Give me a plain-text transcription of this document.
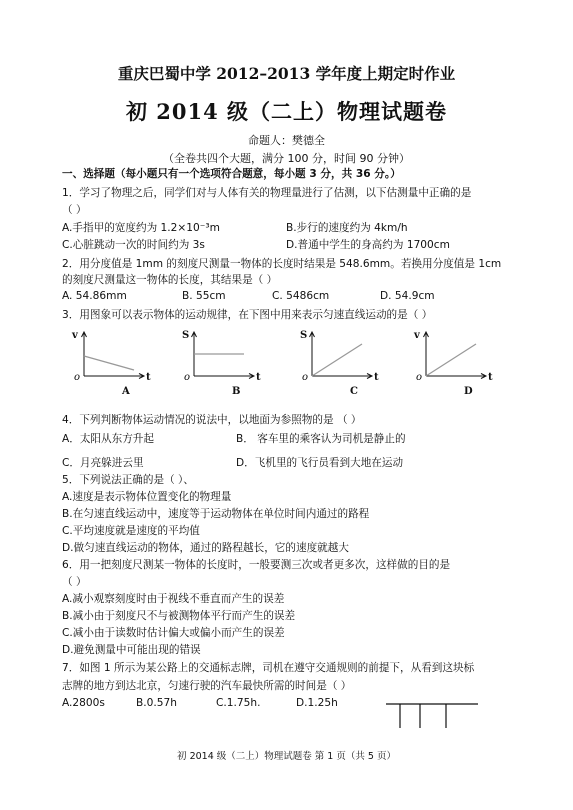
重庆巴蜀中学 2012–2013 学年度上期定时作业
初 2014 级（二上）物理试题卷
命题人：樊德全
（全卷共四个大题，满分 100 分，时间 90 分钟）
一、选择题（每小题只有一个选项符合题意，每小题 3 分，共 36 分。）
1．学习了物理之后，同学们对与人体有关的物理量进行了估测，以下估测量中正确的是
（ ）
A.手指甲的宽度约为 1.2×10⁻³m	B.步行的速度约为 4km/h
C.心脏跳动一次的时间约为 3s	D.普通中学生的身高约为 1700cm
2．用分度值是 1mm 的刻度尺测量一物体的长度时结果是 548.6mm。若换用分度值是 1cm
的刻度尺测量这一物体的长度，其结果是（ ）
A. 54.86mm	B. 55cm	C. 5486cm	D. 54.9cm
3．用图象可以表示物体的运动规律，在下图中用来表示匀速直线运动的是（ ）
v
o	t
A
S
o	t
B
S
o	t
C
v
o	t
D
4．下列判断物体运动情况的说法中，以地面为参照物的是 （ ）
A．太阳从东方升起	B． 客车里的乘客认为司机是静止的
C．月亮躲进云里	D．飞机里的飞行员看到大地在运动
5．下列说法正确的是（ ）、
A.速度是表示物体位置变化的物理量
B.在匀速直线运动中，速度等于运动物体在单位时间内通过的路程
C.平均速度就是速度的平均值
D.做匀速直线运动的物体，通过的路程越长，它的速度就越大
6．用一把刻度尺测某一物体的长度时，一般要测三次或者更多次，这样做的目的是
（ ）
A.减小观察刻度时由于视线不垂直而产生的误差
B.减小由于刻度尺不与被测物体平行而产生的误差
C.减小由于读数时估计偏大或偏小而产生的误差
D.避免测量中可能出现的错误
7．如图 1 所示为某公路上的交通标志牌，司机在遵守交通规则的前提下，从看到这块标
志牌的地方到达北京，匀速行驶的汽车最快所需的时间是（ ）
A.2800s	B.0.57h	C.1.75h.	D.1.25h
初 2014 级（二上）物理试题卷 第 1 页（共 5 页）
